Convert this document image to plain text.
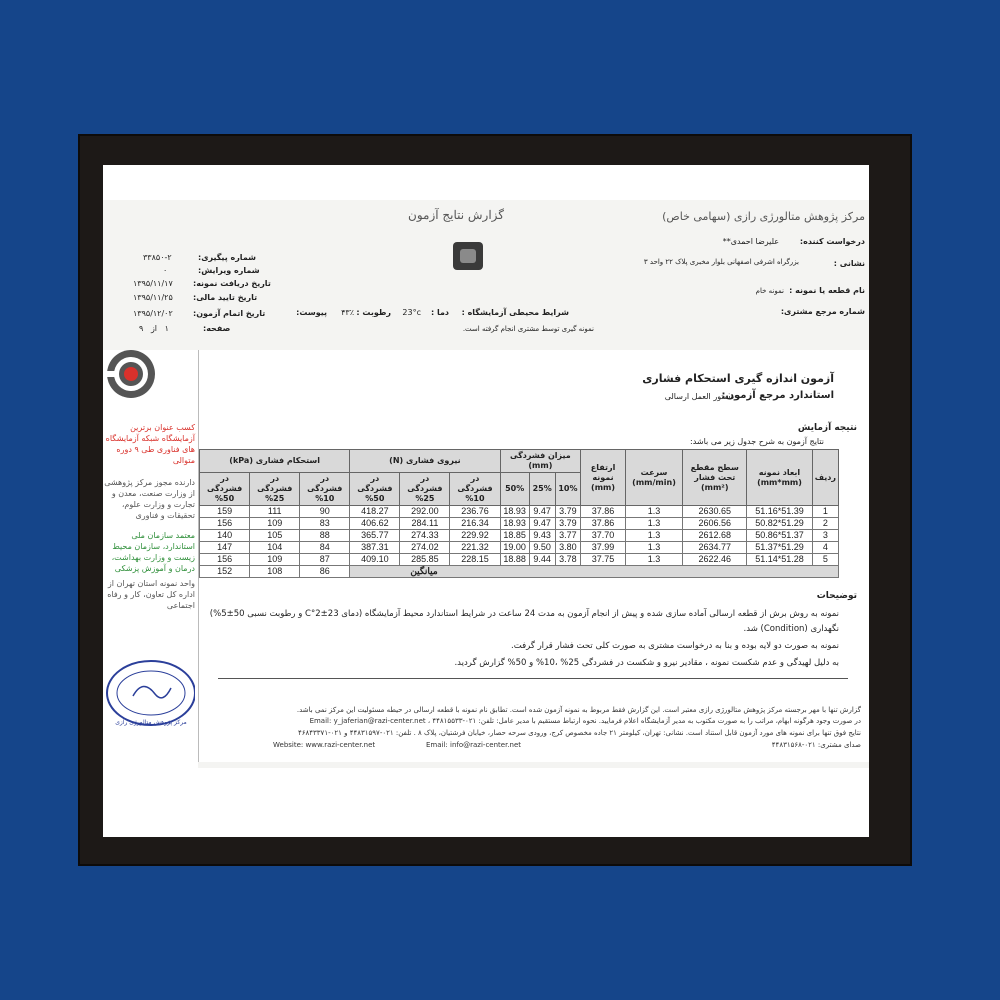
گزارش نتایج آزمون	مرکز پژوهش متالورژی رازی (سهامی خاص)
شماره پیگیری:
۳۳۸۵۰-۲
شماره ویرایش:
۰
تاریخ دریافت نمونه:
۱۳۹۵/۱۱/۱۷
تاریخ تایید مالی:
۱۳۹۵/۱۱/۲۵
تاریخ اتمام آزمون:
۱۳۹۵/۱۲/۰۲
صفحه:
۱   از   ۹
درخواست کننده:
علیرضا احمدی**
نشانی :
بزرگراه اشرفی اصفهانی بلوار مخبری پلاک ۲۲ واحد ۳
نام قطعه یا نمونه :
نمونه خام
شماره مرجع مشتری:
شرایط محیطی آزمایشگاه :
دما :
23°c
رطوبت :
۴۳٪
پیوست:
نمونه گیری توسط مشتری انجام گرفته است.
کسب عنوان برترین آزمایشگاه شبکه آزمایشگاه های فناوری طی ۹ دوره متوالی
دارنده مجوز مرکز پژوهشی از وزارت صنعت، معدن و تجارت و وزارت علوم، تحقیقات و فناوری
معتمد سازمان ملی استاندارد، سازمان محیط زیست و وزارت بهداشت، درمان و آموزش پزشکی
واحد نمونه استان تهران از اداره کل تعاون، کار و رفاه اجتماعی
مرکز پژوهش متالورژی رازی
آزمون اندازه گیری استحکام فشاری
استاندارد مرجع آزمون:
دستور العمل ارسالی
نتیجه آزمایش
نتایج آزمون به شرح جدول زیر می باشد:
ردیف	ابعاد نمونه (mm*mm)	سطح مقطع تحت فشار (mm²)	سرعت (mm/min)	ارتفاع نمونه (mm)	میزان فشردگی (mm)			نیروی فشاری (N)			استحکام فشاری (kPa)		
					10%	25%	50%	در فشردگی 10%	در فشردگی 25%	در فشردگی 50%	در فشردگی 10%	در فشردگی 25%	در فشردگی 50%
1	51.39*51.16	2630.65	1.3	37.86	3.79	9.47	18.93	236.76	292.00	418.27	90	111	159
2	51.29*50.82	2606.56	1.3	37.86	3.79	9.47	18.93	216.34	284.11	406.62	83	109	156
3	51.37*50.86	2612.68	1.3	37.70	3.77	9.43	18.85	229.92	274.33	365.77	88	105	140
4	51.29*51.37	2634.77	1.3	37.99	3.80	9.50	19.00	221.32	274.02	387.31	84	104	147
5	51.28*51.14	2622.46	1.3	37.75	3.78	9.44	18.88	228.15	285.85	409.10	87	109	156
میانگین											86	108	152
توضیحات
نمونه به روش برش از قطعه ارسالی آماده سازی شده و پیش از انجام آزمون به مدت 24 ساعت در شرایط استاندارد محیط آزمایشگاه (دمای 23±2°C و رطوبت نسبی 50±5%)
نگهداری (Condition) شد.
نمونه به صورت دو لایه بوده و بنا به درخواست مشتری به صورت کلی تحت فشار قرار گرفت.
به دلیل لهیدگی و عدم شکست نمونه ، مقادیر نیرو و شکست در فشردگی 25% ،10% و 50% گزارش گردید.
گزارش تنها با مهر برجسته مرکز پژوهش متالورژی رازی معتبر است. این گزارش فقط مربوط به نمونه آزمون شده است. تطابق نام نمونه با قطعه ارسالی در حیطه مسئولیت این مرکز نمی باشد.
در صورت وجود هرگونه ابهام، مراتب را به صورت مکتوب به مدیر آزمایشگاه اعلام فرمایید. نحوه ارتباط مستقیم با مدیر عامل: تلفن: ۰۲۱-۴۴۸۱۵۵۳۳ ، Email: y_jaferian@razi-center.net
نتایج فوق تنها برای نمونه های مورد آزمون قابل استناد است. نشانی: تهران، کیلومتر ۲۱ جاده مخصوص کرج، ورودی سرحه حصار، خیابان فرشتیان، پلاک ۸ . تلفن: ۰۲۱-۴۴۸۳۱۵۹۷ و ۰۲۱-۴۶۸۴۳۳۷۱
صدای مشتری: ۰۲۱-۴۴۸۳۱۵۶۸
Website: www.razi-center.net	Email: info@razi-center.net
